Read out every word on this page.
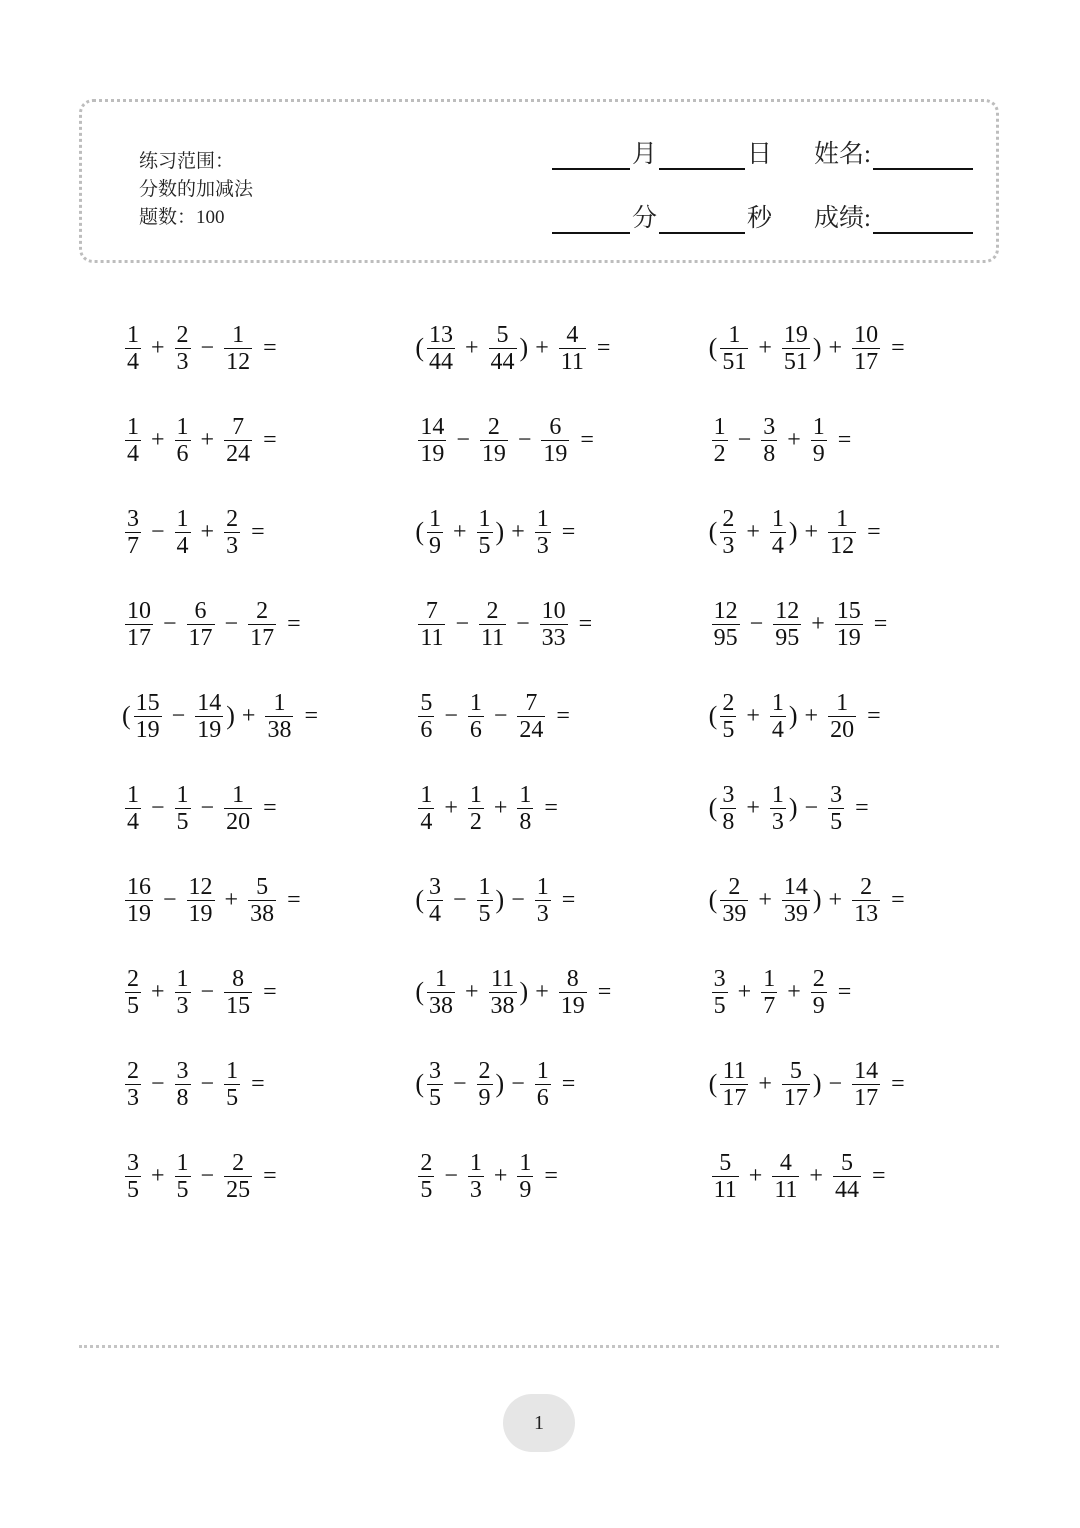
练习范围：
分数的加减法
题数：100
月	日 姓名:
分	秒 成绩:
$\frac{1}{4} + \frac{2}{3} - \frac{1}{12}$ =	( $\frac{13}{44} + \frac{5}{44}$ ) + $\frac{4}{11}$ =	( $\frac{1}{51} + \frac{19}{51}$ ) + $\frac{10}{17}$ =
$\frac{1}{4} + \frac{1}{6} + \frac{7}{24}$ =	$\frac{14}{19} - \frac{2}{19} - \frac{6}{19}$ =	$\frac{1}{2} - \frac{3}{8} + \frac{1}{9}$ =
$\frac{3}{7} - \frac{1}{4} + \frac{2}{3}$ =	( $\frac{1}{9} + \frac{1}{5}$ ) + $\frac{1}{3}$ =	( $\frac{2}{3} + \frac{1}{4}$ ) + $\frac{1}{12}$ =
$\frac{10}{17} - \frac{6}{17} - \frac{2}{17}$ =	$\frac{7}{11} - \frac{2}{11} - \frac{10}{33}$ =	$\frac{12}{95} - \frac{12}{95} + \frac{15}{19}$ =
( $\frac{15}{19} - \frac{14}{19}$ ) + $\frac{1}{38}$ =	$\frac{5}{6} - \frac{1}{6} - \frac{7}{24}$ =	( $\frac{2}{5} + \frac{1}{4}$ ) + $\frac{1}{20}$ =
$\frac{1}{4} - \frac{1}{5} - \frac{1}{20}$ =	$\frac{1}{4} + \frac{1}{2} + \frac{1}{8}$ =	( $\frac{3}{8} + \frac{1}{3}$ ) − $\frac{3}{5}$ =
$\frac{16}{19} - \frac{12}{19} + \frac{5}{38}$ =	( $\frac{3}{4} - \frac{1}{5}$ ) − $\frac{1}{3}$ =	( $\frac{2}{39} + \frac{14}{39}$ ) + $\frac{2}{13}$ =
$\frac{2}{5} + \frac{1}{3} - \frac{8}{15}$ =	( $\frac{1}{38} + \frac{11}{38}$ ) + $\frac{8}{19}$ =	$\frac{3}{5} + \frac{1}{7} + \frac{2}{9}$ =
$\frac{2}{3} - \frac{3}{8} - \frac{1}{5}$ =	( $\frac{3}{5} - \frac{2}{9}$ ) − $\frac{1}{6}$ =	( $\frac{11}{17} + \frac{5}{17}$ ) − $\frac{14}{17}$ =
$\frac{3}{5} + \frac{1}{5} - \frac{2}{25}$ =	$\frac{2}{5} - \frac{1}{3} + \frac{1}{9}$ =	$\frac{5}{11} + \frac{4}{11} + \frac{5}{44}$ =
1
